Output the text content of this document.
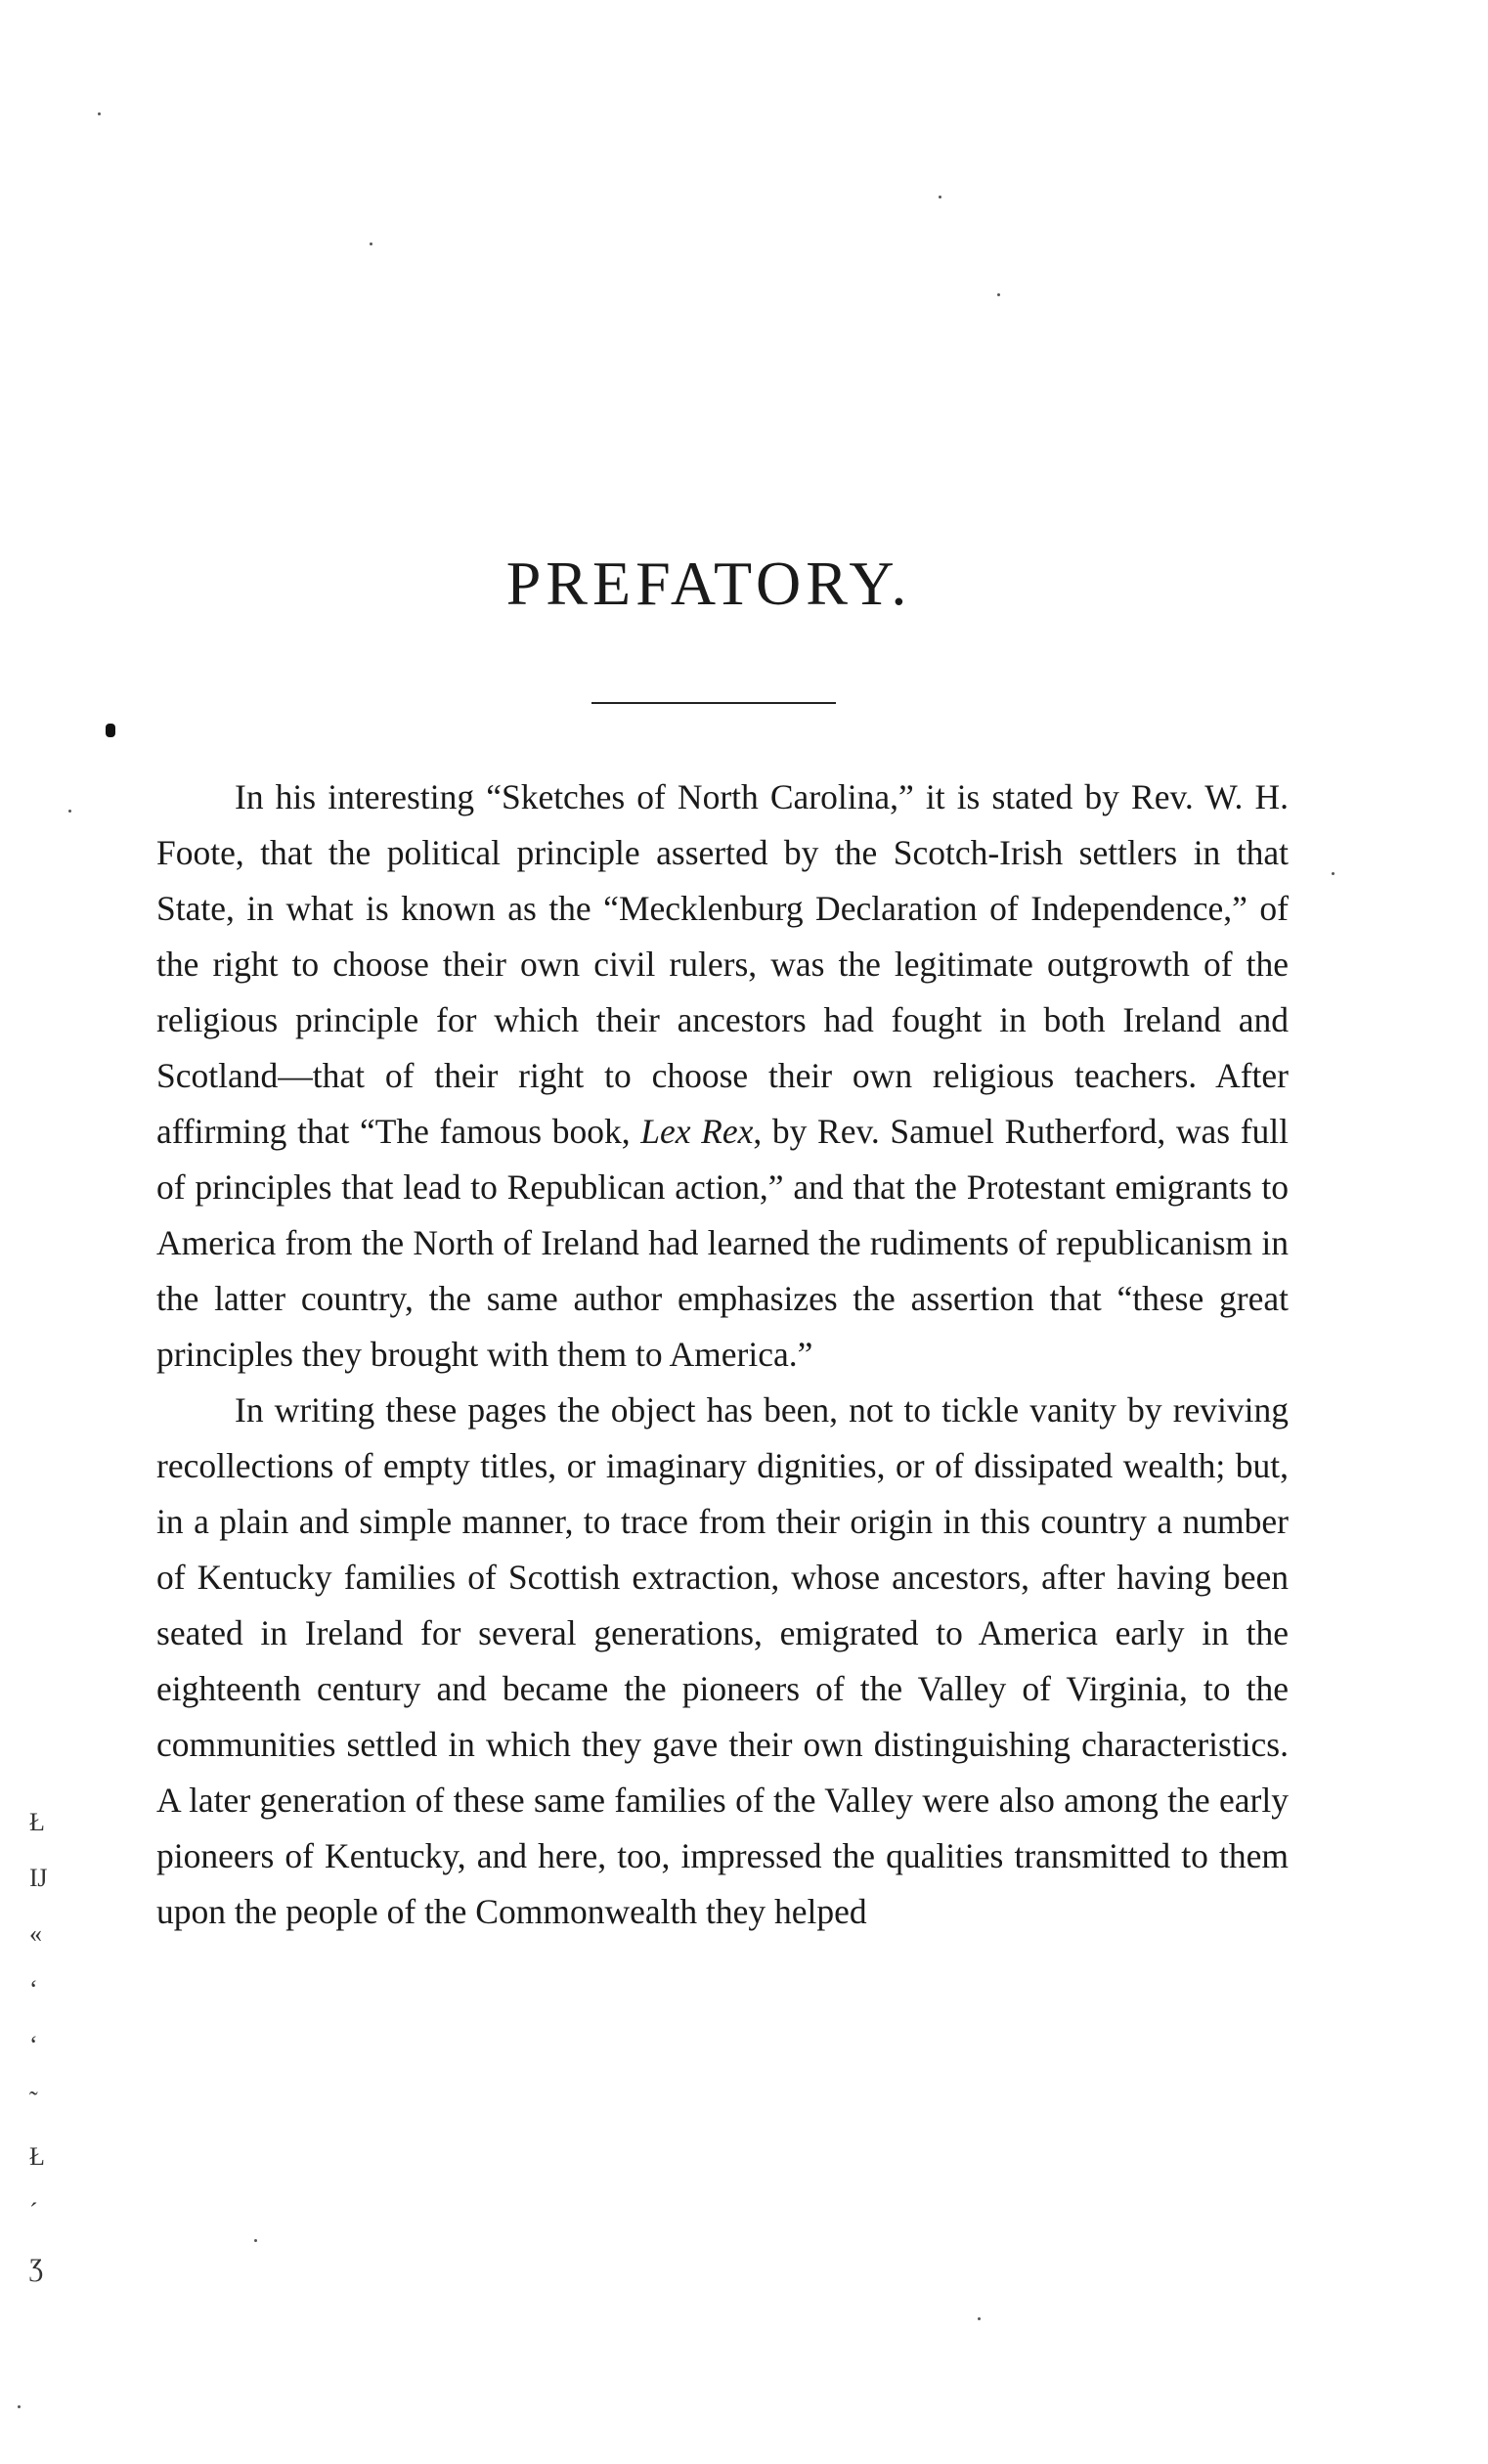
PREFATORY.

In his interesting “Sketches of North Carolina,” it is stated by Rev. W. H. Foote, that the political principle asserted by the Scotch-Irish settlers in that State, in what is known as the “Mecklenburg Declaration of Independence,” of the right to choose their own civil rulers, was the legitimate outgrowth of the religious principle for which their ancestors had fought in both Ireland and Scotland—that of their right to choose their own religious teachers. After affirming that “The famous book, Lex Rex, by Rev. Samuel Rutherford, was full of principles that lead to Republican action,” and that the Protestant emigrants to America from the North of Ireland had learned the rudiments of republicanism in the latter country, the same author emphasizes the assertion that “these great principles they brought with them to America.”

In writing these pages the object has been, not to tickle vanity by reviving recollections of empty titles, or imaginary dignities, or of dissipated wealth; but, in a plain and simple manner, to trace from their origin in this country a number of Kentucky families of Scottish extraction, whose ancestors, after having been seated in Ireland for several generations, emigrated to America early in the eighteenth century and became the pioneers of the Valley of Virginia, to the communities settled in which they gave their own distinguishing characteristics. A later generation of these same families of the Valley were also among the early pioneers of Kentucky, and here, too, impressed the qualities transmitted to them upon the people of the Commonwealth they helped

Ł
Ĳ
«
ʻ
ʻ
˜
Ł
ˊ
Ʒ
